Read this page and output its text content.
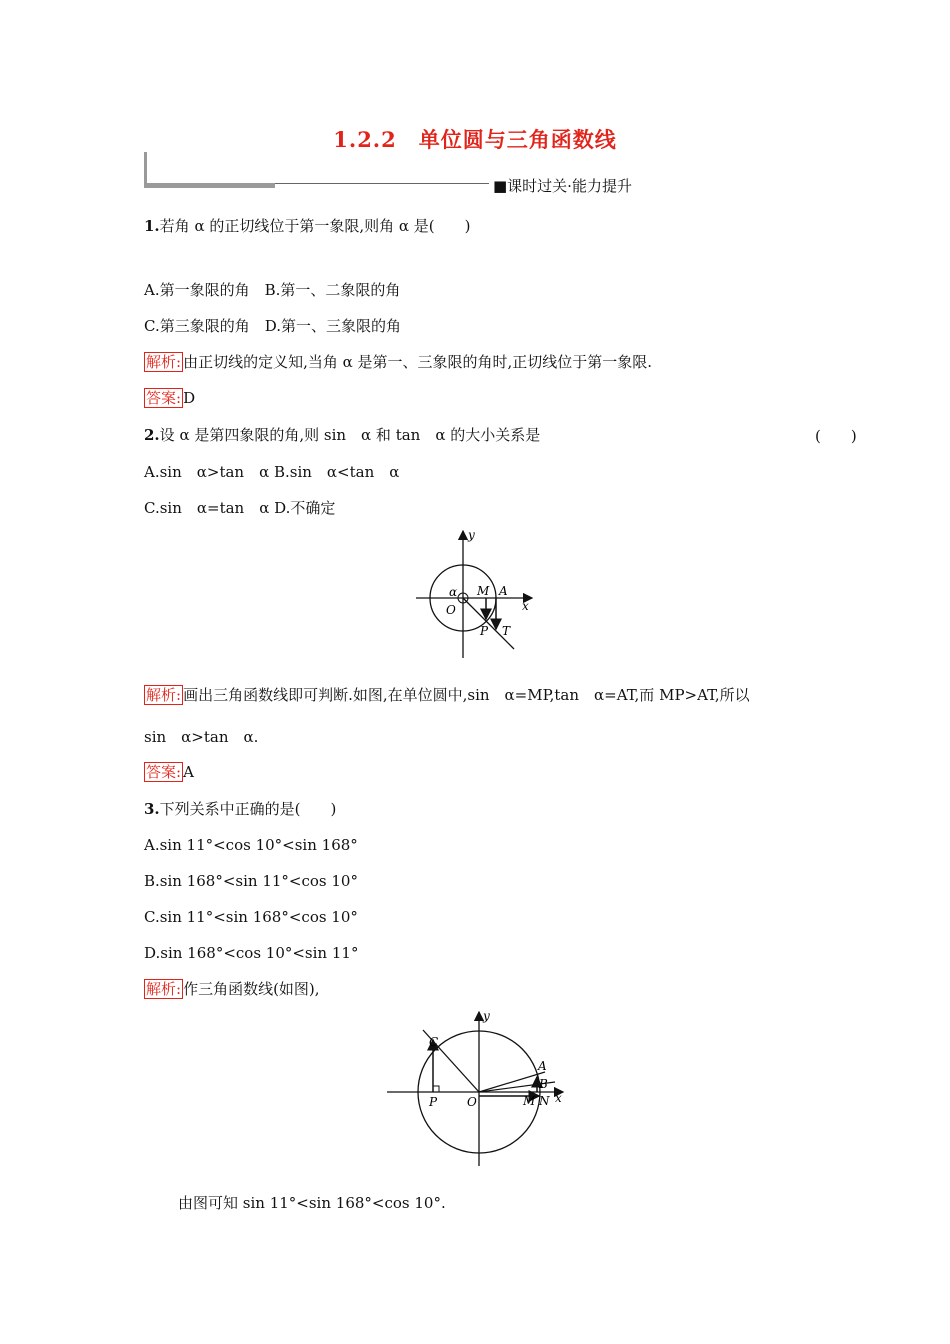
1.2.2　单位圆与三角函数线
■课时过关·能力提升
1.若角 α 的正切线位于第一象限,则角 α 是(　　)
A.第一象限的角　B.第一、二象限的角
C.第三象限的角　D.第一、三象限的角
解析: 由正切线的定义知,当角 α 是第一、三象限的角时,正切线位于第一象限.
答案: D
2.设 α 是第四象限的角,则 sin　α 和 tan　α 的大小关系是	(　　)
A.sin　α>tan　α B.sin　α<tan　α
C.sin　α=tan　α D.不确定
y
x
O
α M A
P T
解析: 画出三角函数线即可判断.如图,在单位圆中,sin　α=MP,tan　α=AT,而 MP>AT,所以
sin　α>tan　α.
答案: A
3.下列关系中正确的是(　　)
A.sin 11°<cos 10°<sin 168°
B.sin 168°<sin 11°<cos 10°
C.sin 11°<sin 168°<cos 10°
D.sin 168°<cos 10°<sin 11°
解析: 作三角函数线(如图),
y
x
C
P O
A
B
M N
由图可知 sin 11°<sin 168°<cos 10°.
